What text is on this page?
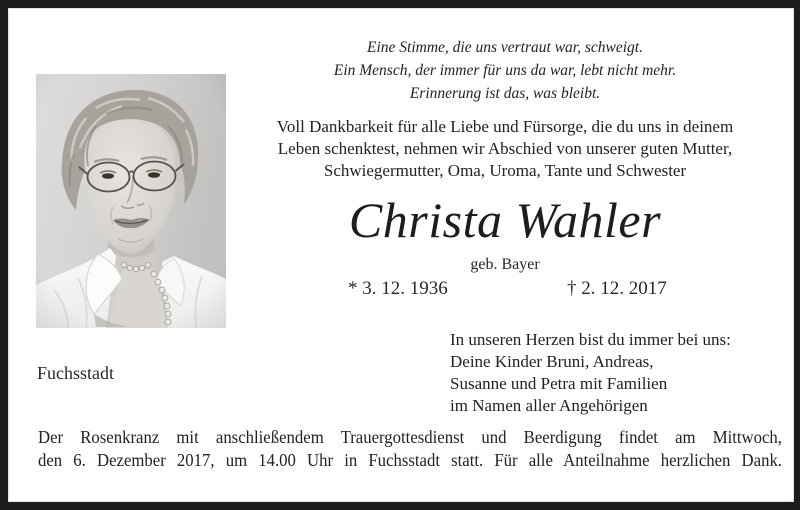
Eine Stimme, die uns vertraut war, schweigt.
Ein Mensch, der immer für uns da war, lebt nicht mehr.
Erinnerung ist das, was bleibt.
Voll Dankbarkeit für alle Liebe und Fürsorge, die du uns in deinem
Leben schenktest, nehmen wir Abschied von unserer guten Mutter,
Schwiegermutter, Oma, Uroma, Tante und Schwester
Christa Wahler
geb. Bayer
* 3. 12. 1936	† 2. 12. 2017
In unseren Herzen bist du immer bei uns:
Deine Kinder Bruni, Andreas,
Susanne und Petra mit Familien
im Namen aller Angehörigen
Fuchsstadt
Der Rosenkranz mit anschließendem Trauergottesdienst und Beerdigung findet am Mittwoch,
den 6. Dezember 2017, um 14.00 Uhr in Fuchsstadt statt. Für alle Anteilnahme herzlichen Dank.
